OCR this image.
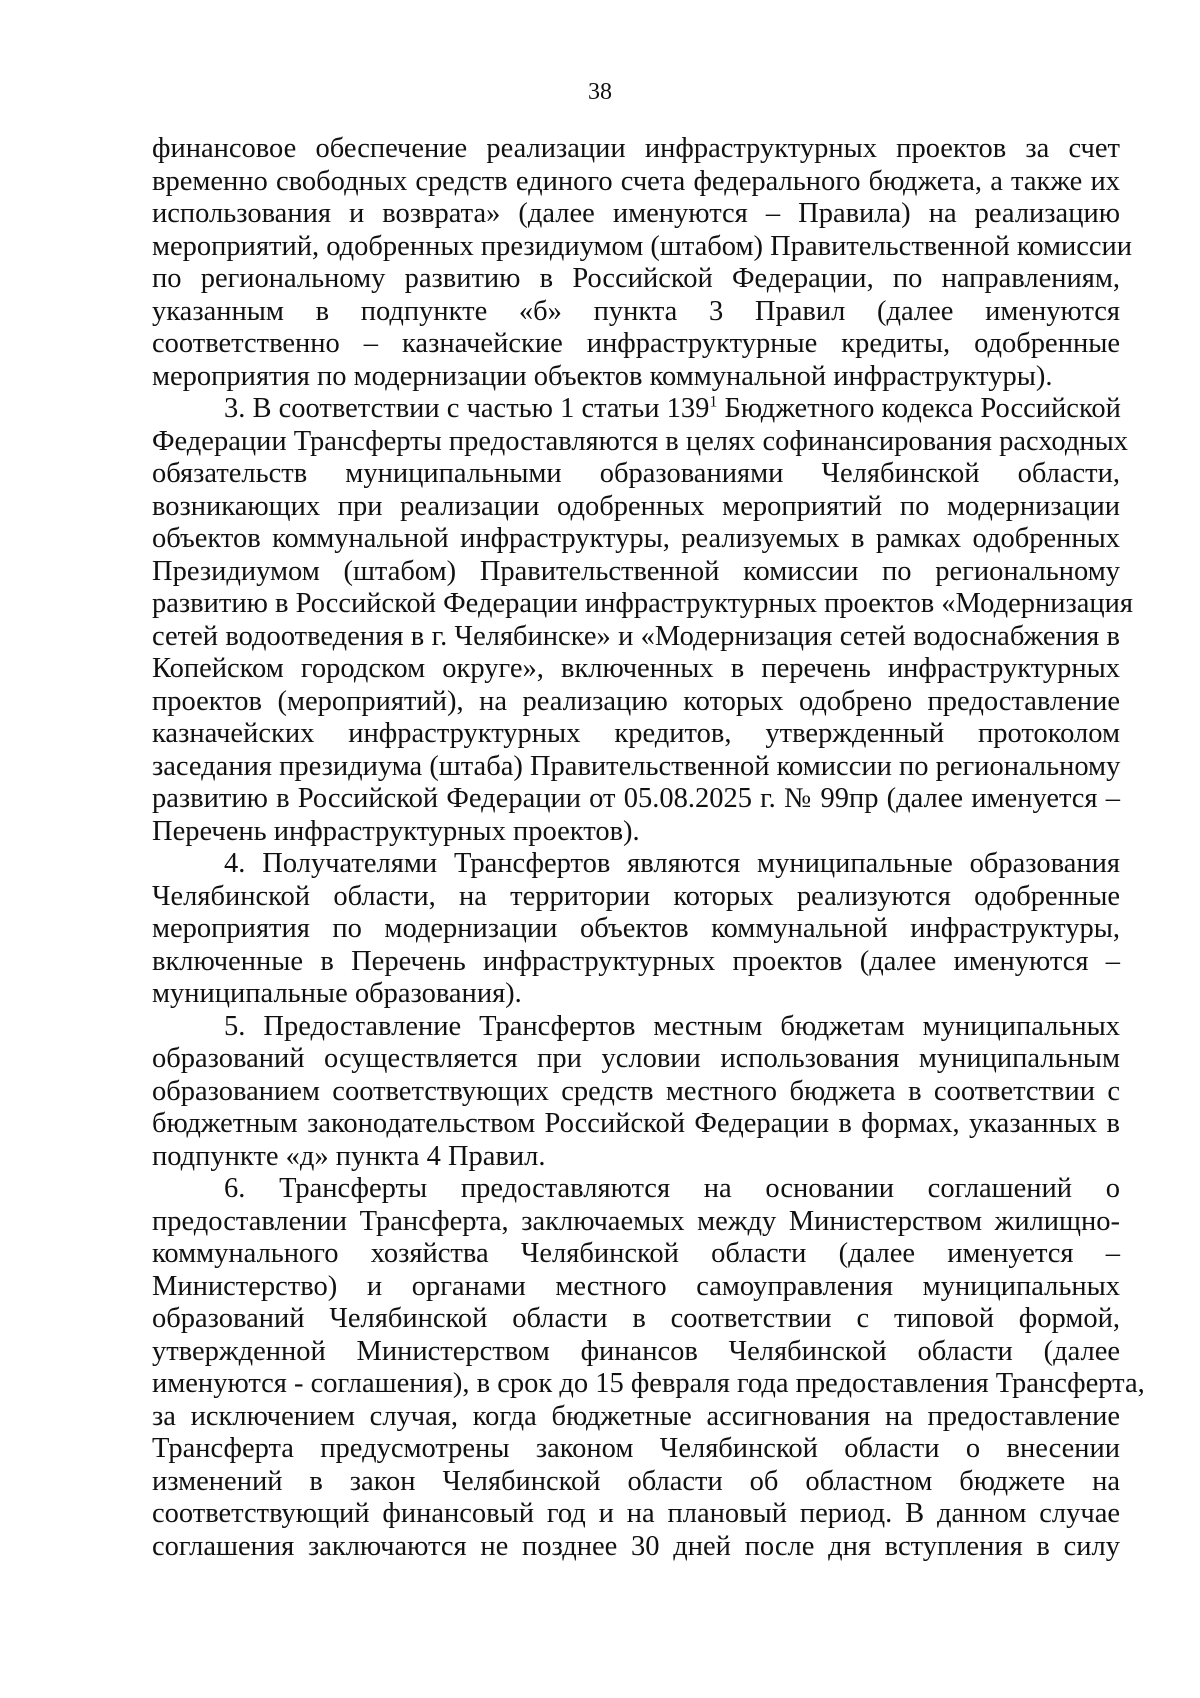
38
финансовое обеспечение реализации инфраструктурных проектов за счет
временно свободных средств единого счета федерального бюджета, а также их
использования и возврата» (далее именуются – Правила) на реализацию
мероприятий, одобренных президиумом (штабом) Правительственной комиссии
по региональному развитию в Российской Федерации, по направлениям,
указанным в подпункте «б» пункта 3 Правил (далее именуются
соответственно – казначейские инфраструктурные кредиты, одобренные
мероприятия по модернизации объектов коммунальной инфраструктуры).
3. В соответствии с частью 1 статьи $139^1$ Бюджетного кодекса Российской
Федерации Трансферты предоставляются в целях софинансирования расходных
обязательств муниципальными образованиями Челябинской области,
возникающих при реализации одобренных мероприятий по модернизации
объектов коммунальной инфраструктуры, реализуемых в рамках одобренных
Президиумом (штабом) Правительственной комиссии по региональному
развитию в Российской Федерации инфраструктурных проектов «Модернизация
сетей водоотведения в г. Челябинске» и «Модернизация сетей водоснабжения в
Копейском городском округе», включенных в перечень инфраструктурных
проектов (мероприятий), на реализацию которых одобрено предоставление
казначейских инфраструктурных кредитов, утвержденный протоколом
заседания президиума (штаба) Правительственной комиссии по региональному
развитию в Российской Федерации от 05.08.2025 г. № 99пр (далее именуется –
Перечень инфраструктурных проектов).
4. Получателями Трансфертов являются муниципальные образования
Челябинской области, на территории которых реализуются одобренные
мероприятия по модернизации объектов коммунальной инфраструктуры,
включенные в Перечень инфраструктурных проектов (далее именуются –
муниципальные образования).
5. Предоставление Трансфертов местным бюджетам муниципальных
образований осуществляется при условии использования муниципальным
образованием соответствующих средств местного бюджета в соответствии с
бюджетным законодательством Российской Федерации в формах, указанных в
подпункте «д» пункта 4 Правил.
6. Трансферты предоставляются на основании соглашений о
предоставлении Трансферта, заключаемых между Министерством жилищно-
коммунального хозяйства Челябинской области (далее именуется –
Министерство) и органами местного самоуправления муниципальных
образований Челябинской области в соответствии с типовой формой,
утвержденной Министерством финансов Челябинской области (далее
именуются - соглашения), в срок до 15 февраля года предоставления Трансферта,
за исключением случая, когда бюджетные ассигнования на предоставление
Трансферта предусмотрены законом Челябинской области о внесении
изменений в закон Челябинской области об областном бюджете на
соответствующий финансовый год и на плановый период. В данном случае
соглашения заключаются не позднее 30 дней после дня вступления в силу
